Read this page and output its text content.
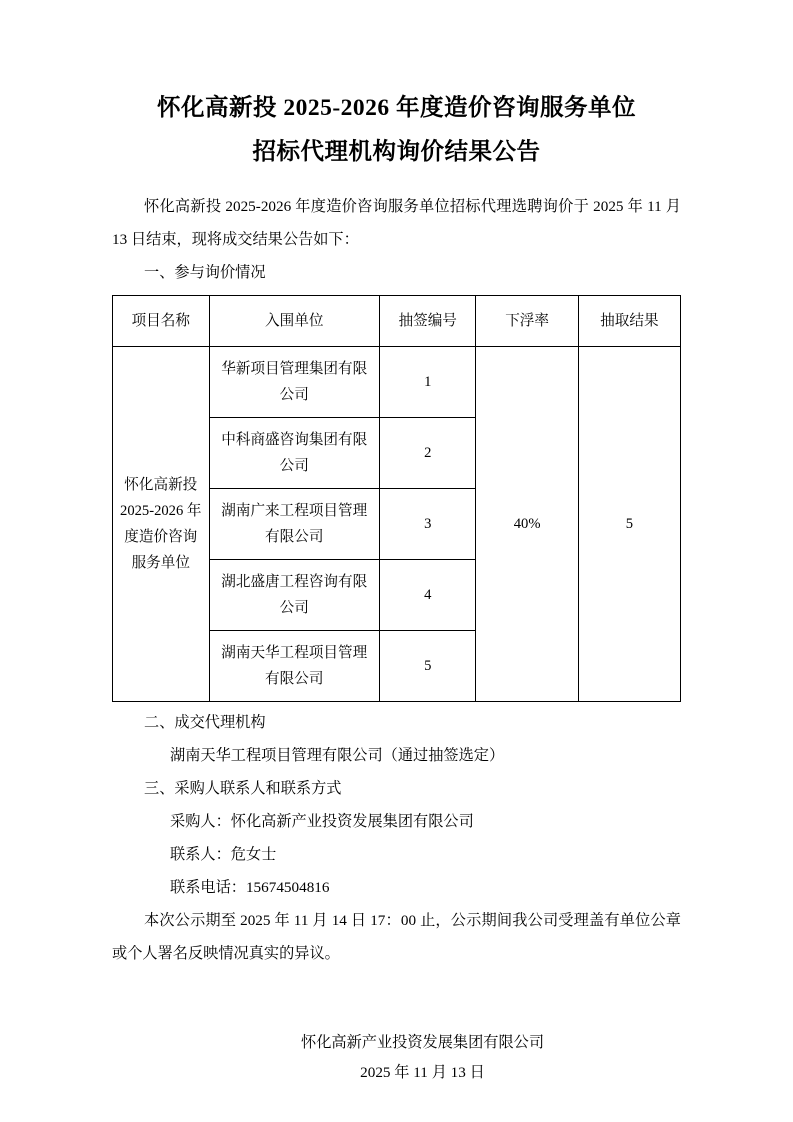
怀化高新投 2025-2026 年度造价咨询服务单位
招标代理机构询价结果公告

怀化高新投 2025-2026 年度造价咨询服务单位招标代理选聘询价于 2025 年 11 月 13 日结束，现将成交结果公告如下：

一、参与询价情况

项目名称	入围单位	抽签编号	下浮率	抽取结果
怀化高新投 2025-2026 年度造价咨询服务单位	华新项目管理集团有限公司	1	40%	5
	中科商盛咨询集团有限公司	2		
	湖南广来工程项目管理有限公司	3		
	湖北盛唐工程咨询有限公司	4		
	湖南天华工程项目管理有限公司	5		

二、成交代理机构

湖南天华工程项目管理有限公司（通过抽签选定）

三、采购人联系人和联系方式

采购人：怀化高新产业投资发展集团有限公司

联系人：危女士

联系电话：15674504816

本次公示期至 2025 年 11 月 14 日 17：00 止，公示期间我公司受理盖有单位公章或个人署名反映情况真实的异议。

怀化高新产业投资发展集团有限公司
2025 年 11 月 13 日
